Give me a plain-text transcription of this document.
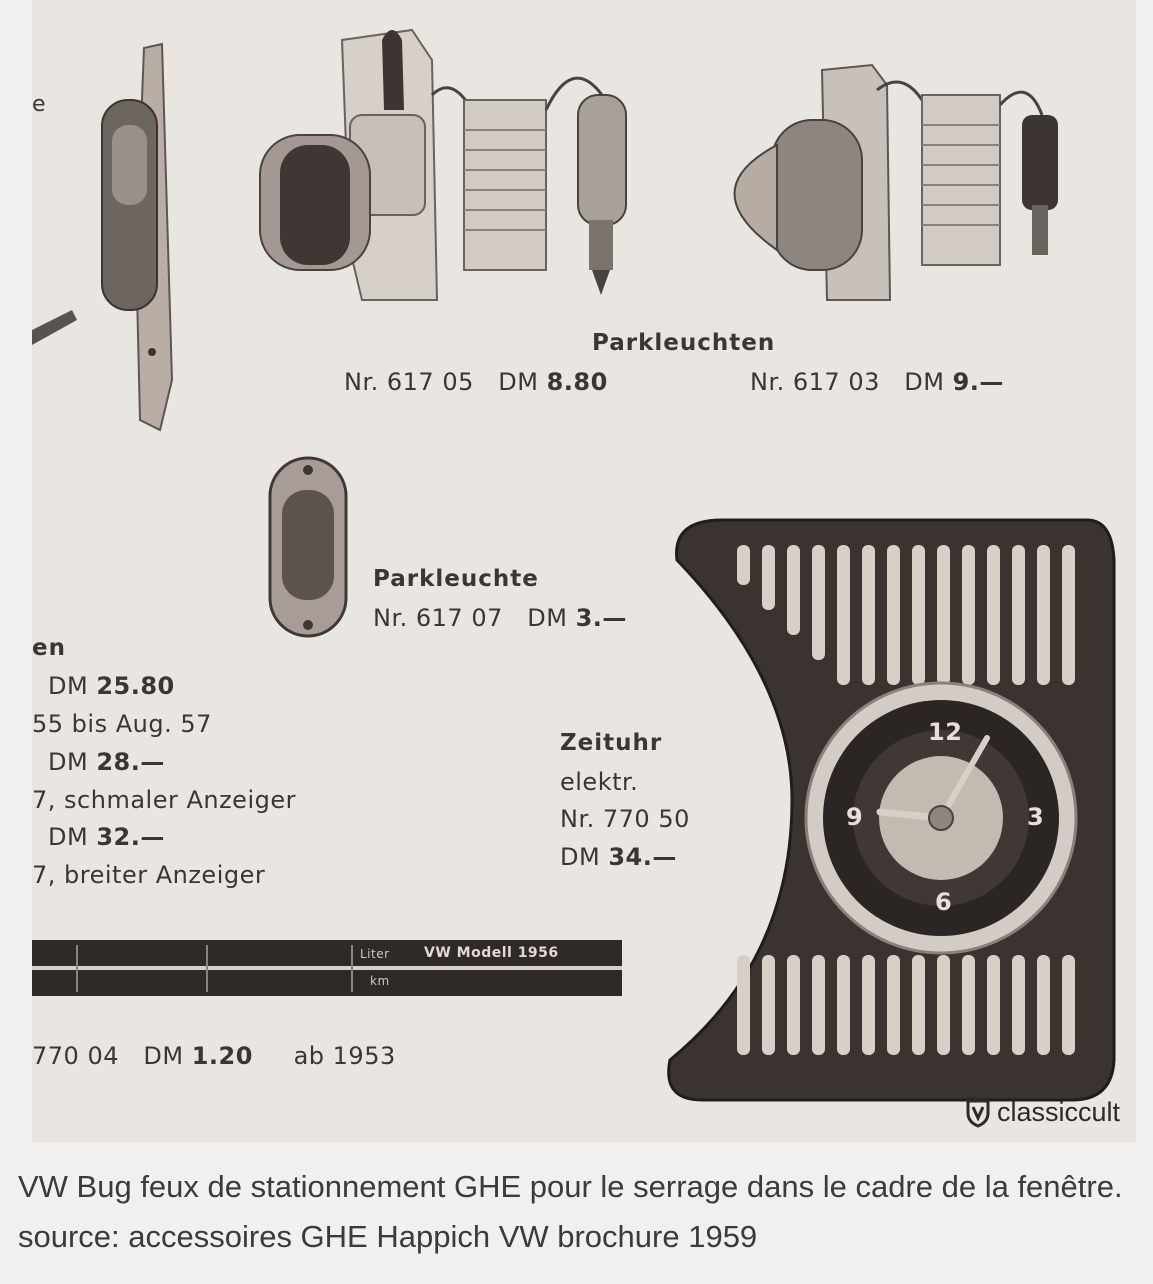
e
Parkleuchten
Nr. 617 05 DM 8.80	Nr. 617 03 DM 9.—
Parkleuchte
Nr. 617 07 DM 3.—
en
DM 25.80
55 bis Aug. 57
DM 28.—
7, schmaler Anzeiger
DM 32.—
7, breiter Anzeiger
Zeituhr
elektr.
Nr. 770 50
DM 34.—
Liter VW Modell 1956
km
770 04 DM 1.20 ab 1953
12
3
6
9
classiccult
VW Bug feux de stationnement GHE pour le serrage dans le cadre de la fenêtre. source: accessoires GHE Happich VW brochure 1959
